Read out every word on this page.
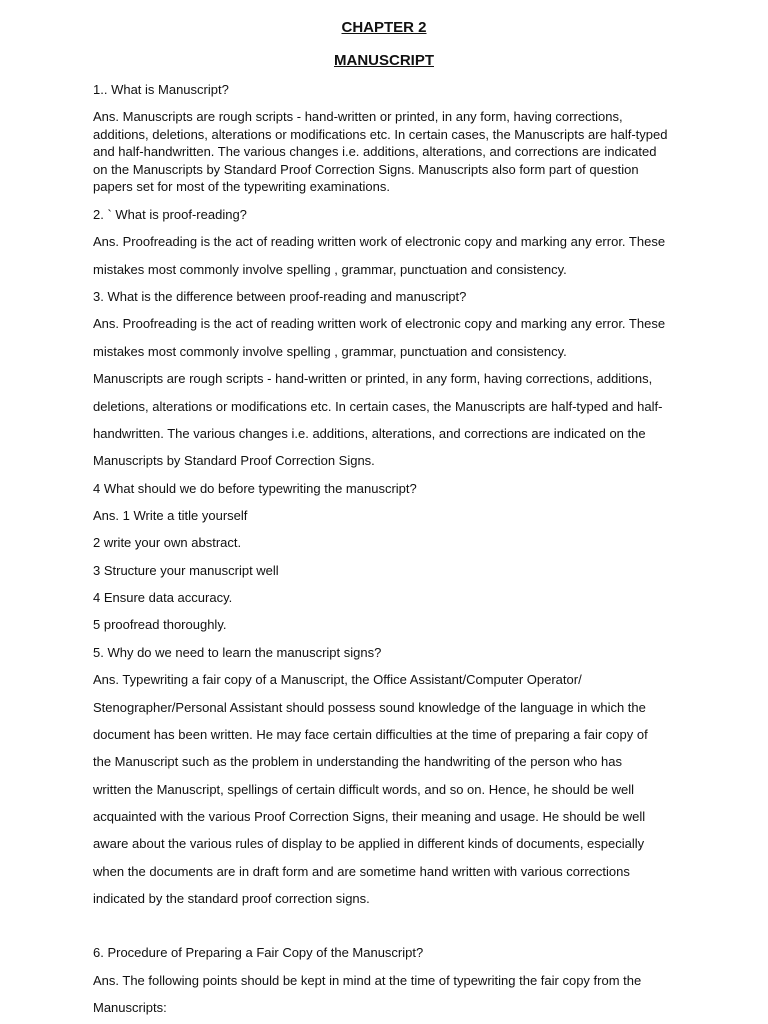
CHAPTER 2
MANUSCRIPT
1.. What is Manuscript?
Ans. Manuscripts are rough scripts - hand-written or printed, in any form, having corrections,
additions, deletions, alterations or modifications etc. In certain cases, the Manuscripts are half-typed
and half-handwritten. The various changes i.e. additions, alterations, and corrections are indicated
on the Manuscripts by Standard Proof Correction Signs. Manuscripts also form part of question
papers set for most of the typewriting examinations.
2. ` What is proof-reading?
Ans. Proofreading is the act of reading written work of electronic copy and marking any error. These
mistakes most commonly involve spelling , grammar, punctuation and consistency.
3. What is the difference between proof-reading and manuscript?
Ans. Proofreading is the act of reading written work of electronic copy and marking any error. These
mistakes most commonly involve spelling , grammar, punctuation and consistency.
Manuscripts are rough scripts - hand-written or printed, in any form, having corrections, additions,
deletions, alterations or modifications etc. In certain cases, the Manuscripts are half-typed and half-
handwritten. The various changes i.e. additions, alterations, and corrections are indicated on the
Manuscripts by Standard Proof Correction Signs.
4 What should we do before typewriting the manuscript?
Ans. 1 Write a title yourself
2 write your own abstract.
3 Structure your manuscript well
4 Ensure data accuracy.
5 proofread thoroughly.
5. Why do we need to learn the manuscript signs?
Ans. Typewriting a fair copy of a Manuscript, the Office Assistant/Computer Operator/
Stenographer/Personal Assistant should possess sound knowledge of the language in which the
document has been written. He may face certain difficulties at the time of preparing a fair copy of
the Manuscript such as the problem in understanding the handwriting of the person who has
written the Manuscript, spellings of certain difficult words, and so on. Hence, he should be well
acquainted with the various Proof Correction Signs, their meaning and usage. He should be well
aware about the various rules of display to be applied in different kinds of documents, especially
when the documents are in draft form and are sometime hand written with various corrections
indicated by the standard proof correction signs.
6. Procedure of Preparing a Fair Copy of the Manuscript?
Ans. The following points should be kept in mind at the time of typewriting the fair copy from the
Manuscripts:
